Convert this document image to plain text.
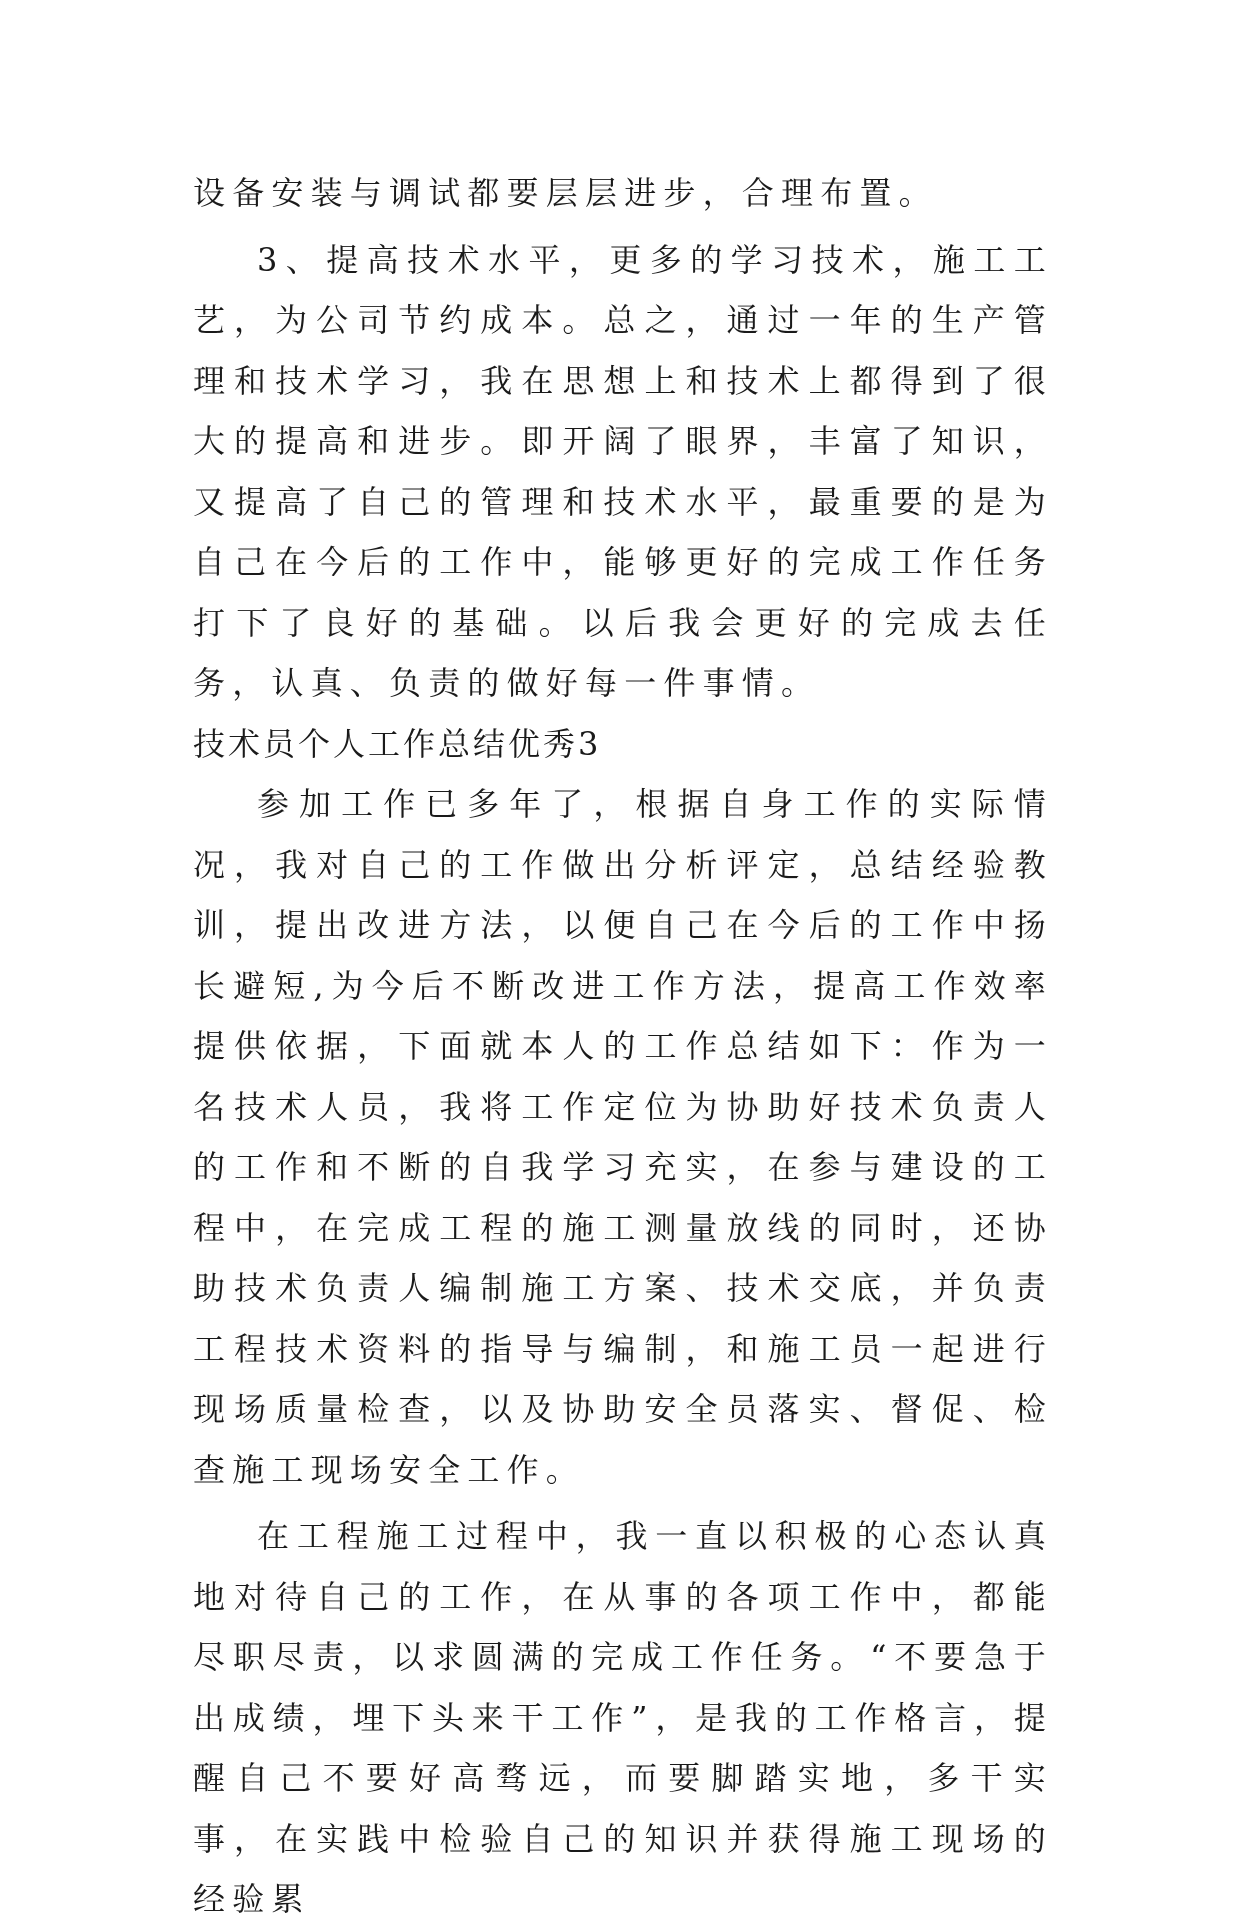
设备安装与调试都要层层进步，合理布置。

3、提高技术水平，更多的学习技术，施工工艺，为公司节约成本。总之，通过一年的生产管理和技术学习，我在思想上和技术上都得到了很大的提高和进步。即开阔了眼界，丰富了知识，又提高了自己的管理和技术水平，最重要的是为自己在今后的工作中，能够更好的完成工作任务打下了良好的基础。以后我会更好的完成去任务，认真、负责的做好每一件事情。

技术员个人工作总结优秀3

参加工作已多年了，根据自身工作的实际情况，我对自己的工作做出分析评定，总结经验教训，提出改进方法，以便自己在今后的工作中扬长避短,为今后不断改进工作方法，提高工作效率提供依据，下面就本人的工作总结如下：作为一名技术人员，我将工作定位为协助好技术负责人的工作和不断的自我学习充实，在参与建设的工程中，在完成工程的施工测量放线的同时，还协助技术负责人编制施工方案、技术交底，并负责工程技术资料的指导与编制，和施工员一起进行现场质量检查，以及协助安全员落实、督促、检查施工现场安全工作。

在工程施工过程中，我一直以积极的心态认真地对待自己的工作，在从事的各项工作中，都能尽职尽责，以求圆满的完成工作任务。“不要急于出成绩，埋下头来干工作”，是我的工作格言，提醒自己不要好高骛远，而要脚踏实地，多干实事，在实践中检验自己的知识并获得施工现场的经验累
